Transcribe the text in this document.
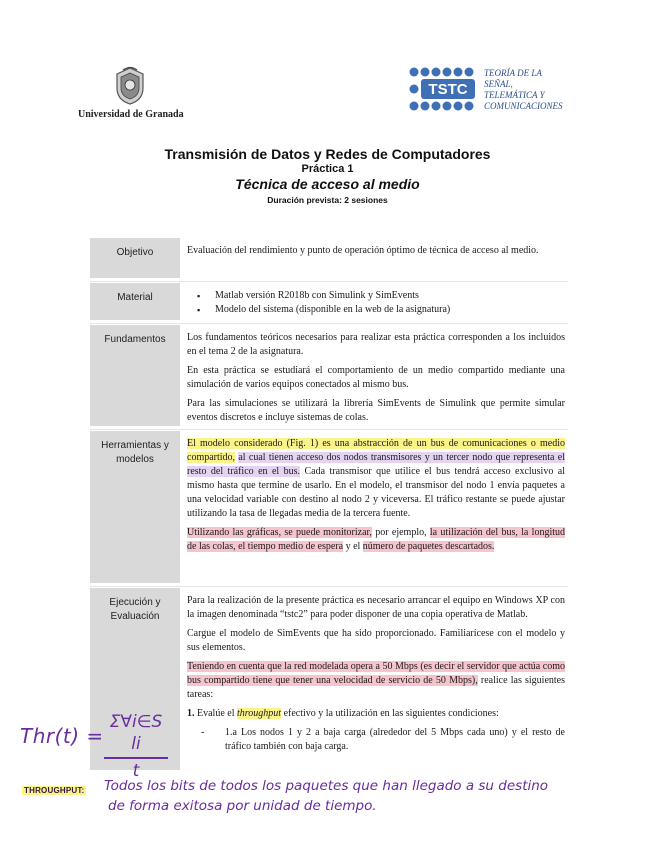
Universidad de Granada
TSTC
TEORÍA DE LA
SEÑAL,
TELEMÁTICA Y
COMUNICACIONES
Transmisión de Datos y Redes de Computadores
Práctica 1
Técnica de acceso al medio
Duración prevista: 2 sesiones
Objetivo	Evaluación del rendimiento y punto de operación óptimo de técnica de acceso al medio.

Material
▪	Matlab versión R2018b con Simulink y SimEvents
▪ Modelo del sistema (disponible en la web de la asignatura)
Fundamentos	Los fundamentos teóricos necesarios para realizar esta práctica corresponden a los incluidos en el tema 2 de la asignatura.

En esta práctica se estudiará el comportamiento de un medio compartido mediante una simulación de varios equipos conectados al mismo bus.

Para las simulaciones se utilizará la librería SimEvents de Simulink que permite simular eventos discretos e incluye sistemas de colas.

Herramientas y
modelos

El modelo considerado (Fig. 1) es una abstracción de un bus de comunicaciones o medio compartido, al cual tienen acceso dos nodos transmisores y un tercer nodo que representa el resto del tráfico en el bus. Cada transmisor que utilice el bus tendrá acceso exclusivo al mismo hasta que termine de usarlo. En el modelo, el transmisor del nodo 1 envía paquetes a una velocidad variable con destino al nodo 2 y viceversa. El tráfico restante se puede ajustar utilizando la tasa de llegadas media de la tercera fuente.

Utilizando las gráficas, se puede monitorizar, por ejemplo, la utilización del bus, la longitud de las colas, el tiempo medio de espera y el número de paquetes descartados.

Ejecución y
Evaluación

Para la realización de la presente práctica es necesario arrancar el equipo en Windows XP con la imagen denominada “tstc2” para poder disponer de una copia operativa de Matlab.

Cargue el modelo de SimEvents que ha sido proporcionado. Familiarícese con el modelo y sus elementos.

Teniendo en cuenta que la red modelada opera a 50 Mbps (es decir el servidor que actúa como bus compartido tiene que tener una velocidad de servicio de 50 Mbps), realice las siguientes tareas:

1. Evalúe el throughput efectivo y la utilización en las siguientes condiciones:

- 1.a Los nodos 1 y 2 a baja carga (alrededor del 5 Mbps cada uno) y el resto de tráfico también con baja carga.

Thr(t) =
Σ∀i∈S li
t
THROUGHPUT: Todos los bits de todos los paquetes que han llegado a su destino
de forma exitosa por unidad de tiempo.
